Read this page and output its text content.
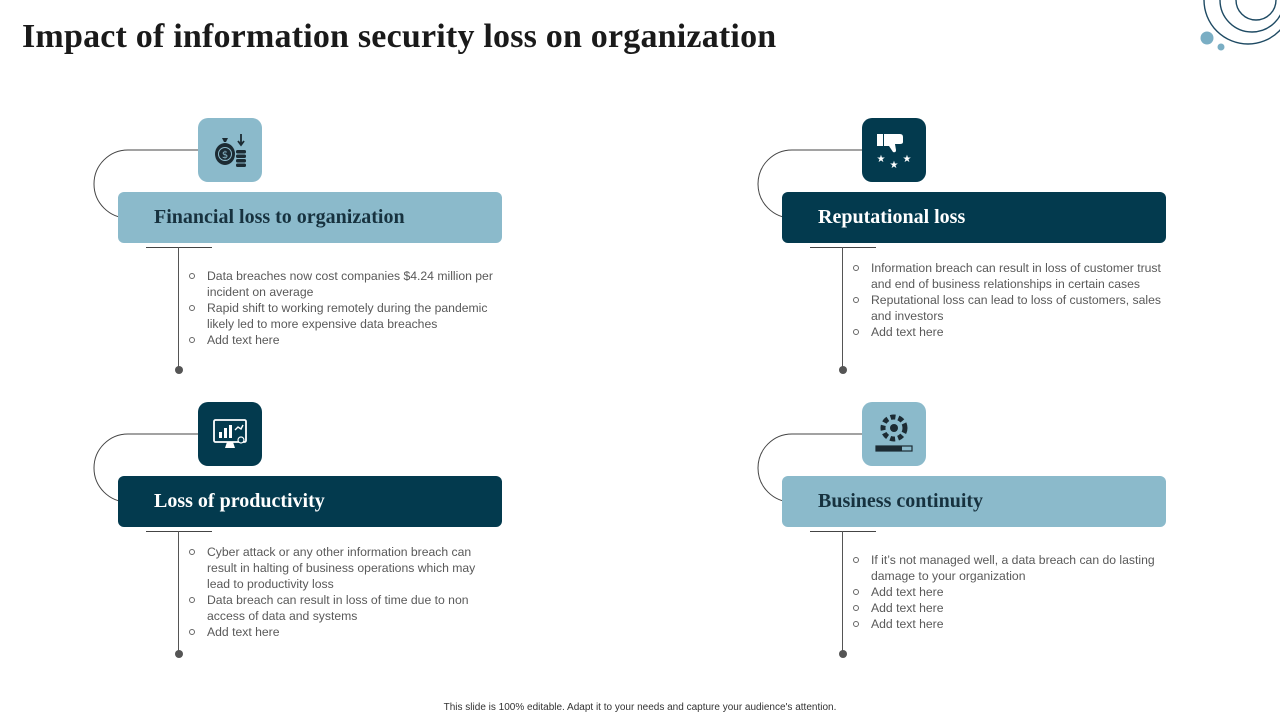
Impact of information security loss on organization
$
Financial loss to organization
Data breaches now cost companies $4.24 million per incident on average
Rapid shift to working remotely during the pandemic likely led to more expensive data breaches
Add text here
★
★
★
Reputational loss
Information breach can result in loss of customer trust and end of business relationships in certain cases
Reputational loss can lead to loss of customers, sales and investors
Add text here
Loss of productivity
Cyber attack or any other information breach can result in halting of business operations which may lead to productivity loss
Data breach can result in loss of time due to non access of data and systems
Add text here
Business continuity
If it’s not managed well, a data breach can do lasting damage to your organization
Add text here
Add text here
Add text here
This slide is 100% editable. Adapt it to your needs and capture your audience's attention.
